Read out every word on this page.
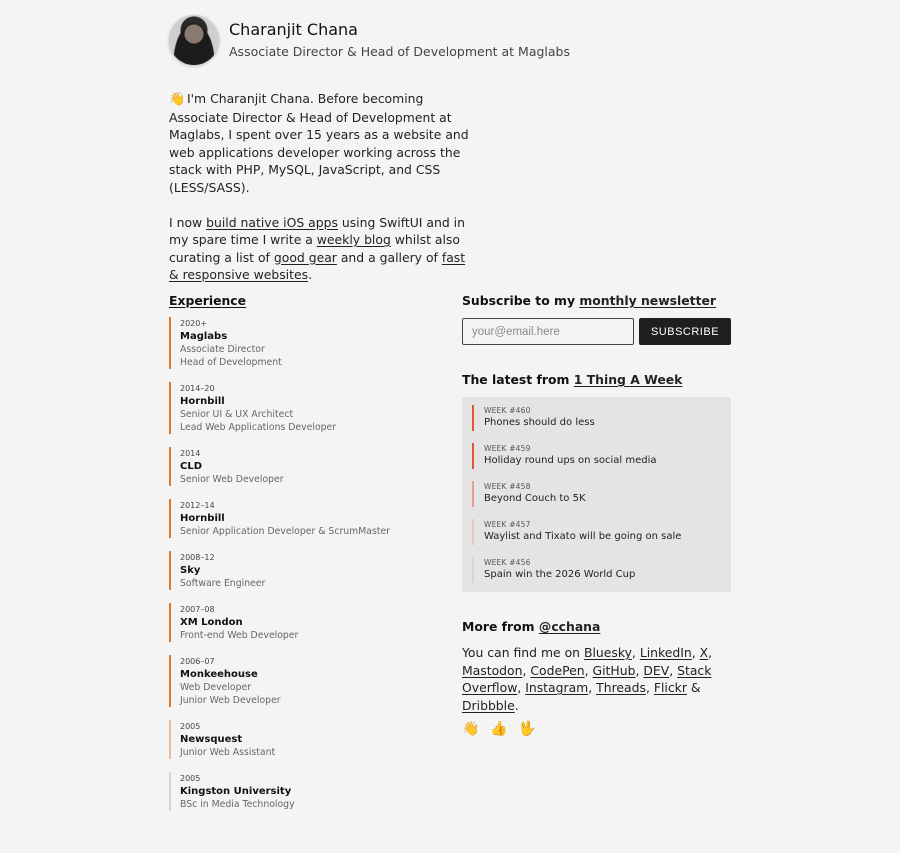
Charanjit Chana
Associate Director & Head of Development at Maglabs

👋 I'm Charanjit Chana. Before becoming Associate Director & Head of Development at Maglabs, I spent over 15 years as a website and web applications developer working across the stack with PHP, MySQL, JavaScript, and CSS (LESS/SASS).

I now build native iOS apps using SwiftUI and in my spare time I write a weekly blog whilst also curating a list of good gear and a gallery of fast & responsive websites.

Experience
2020+
Maglabs
Associate Director
Head of Development
2014–20
Hornbill
Senior UI & UX Architect
Lead Web Applications Developer
2014
CLD
Senior Web Developer
2012–14
Hornbill
Senior Application Developer & ScrumMaster
2008–12
Sky
Software Engineer
2007–08
XM London
Front-end Web Developer
2006–07
Monkeehouse
Web Developer
Junior Web Developer
2005
Newsquest
Junior Web Assistant
2005
Kingston University
BSc in Media Technology
Subscribe to my monthly newsletter
your@email.here
SUBSCRIBE
The latest from 1 Thing A Week
WEEK #460
Phones should do less
WEEK #459
Holiday round ups on social media
WEEK #458
Beyond Couch to 5K
WEEK #457
Waylist and Tixato will be going on sale
WEEK #456
Spain win the 2026 World Cup
More from @cchana
You can find me on Bluesky, LinkedIn, X, Mastodon, CodePen, GitHub, DEV, Stack Overflow, Instagram, Threads, Flickr & Dribbble.
👋 👍 🖖
